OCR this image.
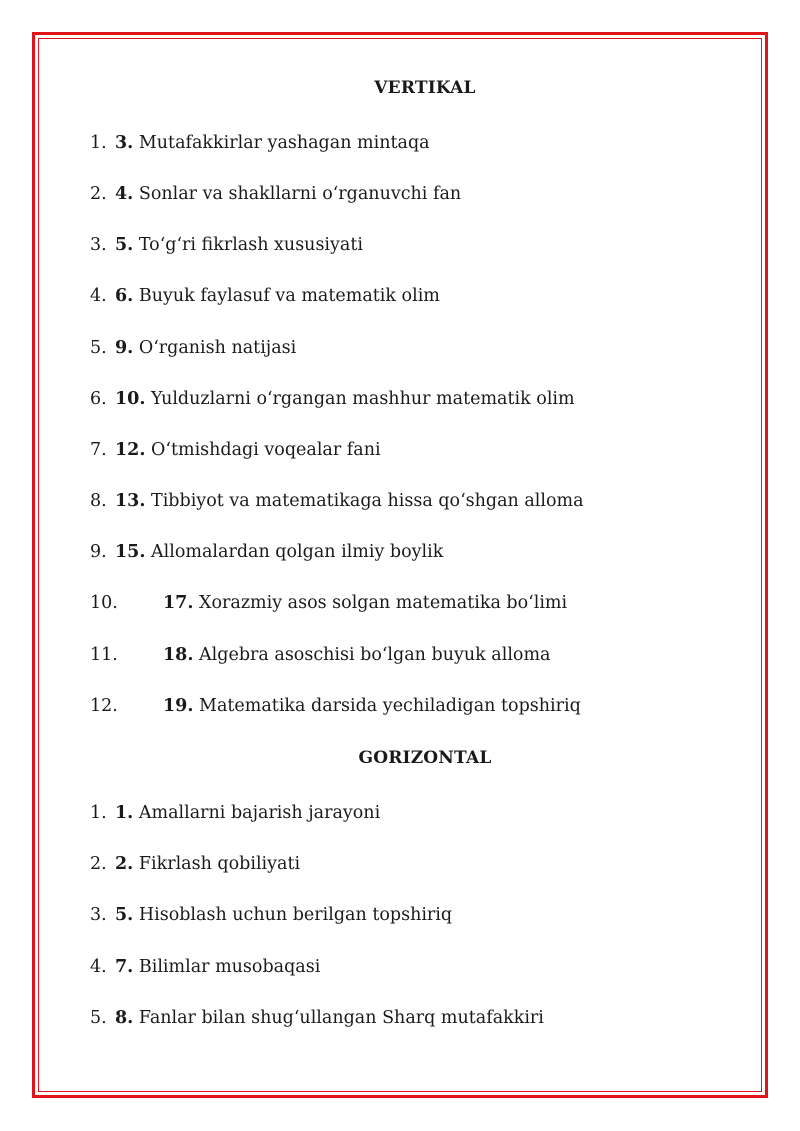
VERTIKAL
1. 3. Mutafakkirlar yashagan mintaqa
2. 4. Sonlar va shakllarni o‘rganuvchi fan
3. 5. To‘g‘ri fikrlash xususiyati
4. 6. Buyuk faylasuf va matematik olim
5. 9. O‘rganish natijasi
6. 10. Yulduzlarni o‘rgangan mashhur matematik olim
7. 12. O‘tmishdagi voqealar fani
8. 13. Tibbiyot va matematikaga hissa qo‘shgan alloma
9. 15. Allomalardan qolgan ilmiy boylik
10.	17. Xorazmiy asos solgan matematika bo‘limi
11.	18. Algebra asoschisi bo‘lgan buyuk alloma
12.	19. Matematika darsida yechiladigan topshiriq
GORIZONTAL
1. 1. Amallarni bajarish jarayoni
2. 2. Fikrlash qobiliyati
3. 5. Hisoblash uchun berilgan topshiriq
4. 7. Bilimlar musobaqasi
5. 8. Fanlar bilan shug‘ullangan Sharq mutafakkiri
